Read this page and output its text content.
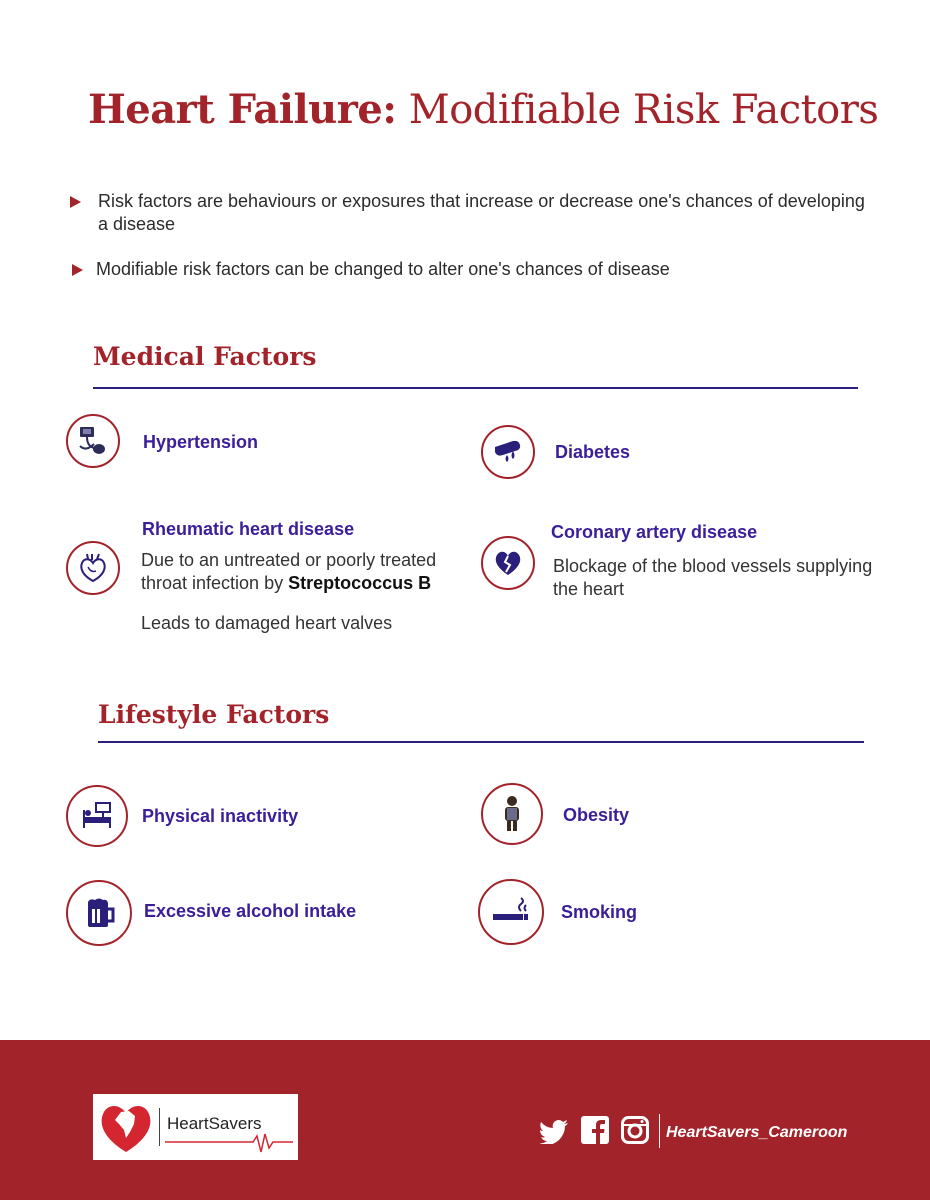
Heart Failure: Modifiable Risk Factors
Risk factors are behaviours or exposures that increase or decrease one's chances of developing a disease
Modifiable risk factors can be changed to alter one's chances of disease
Medical Factors
Hypertension	Diabetes
Rheumatic heart disease
Due to an untreated or poorly treated throat infection by Streptococcus B
Leads to damaged heart valves
Coronary artery disease
Blockage of the blood vessels supplying the heart
Lifestyle Factors
Physical inactivity	Obesity
Excessive alcohol intake	Smoking
HeartSavers	HeartSavers_Cameroon
